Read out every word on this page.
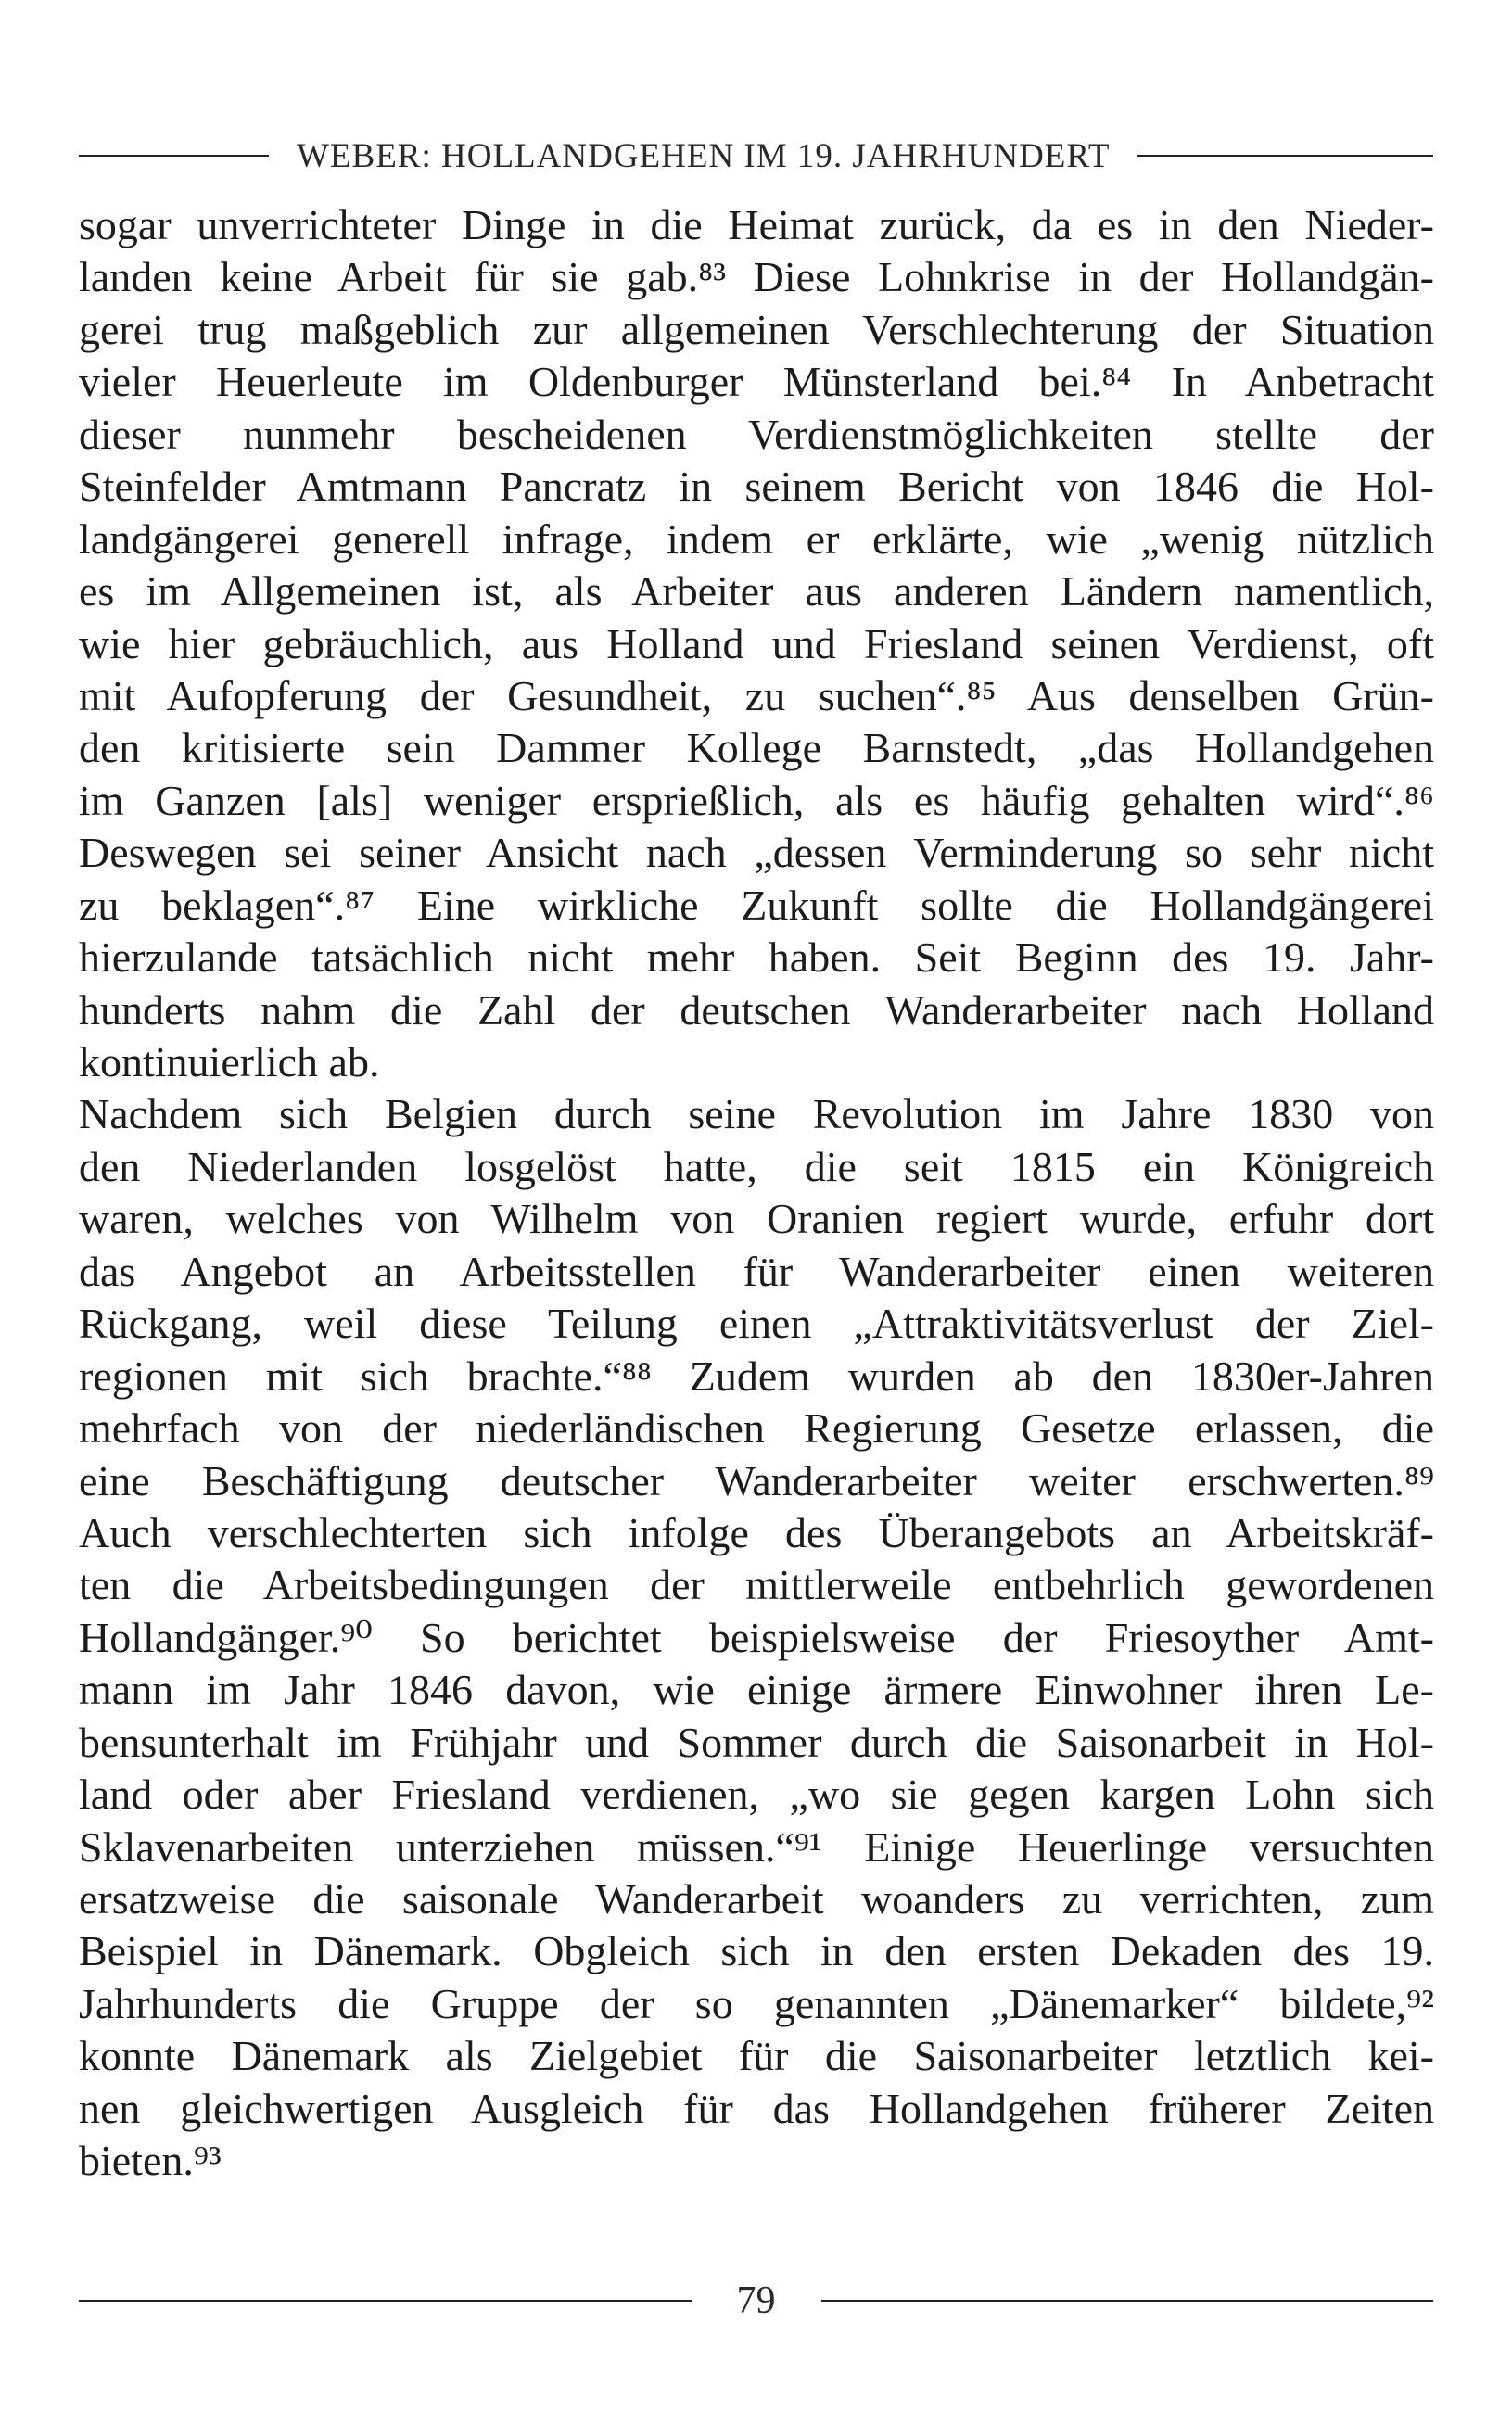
WEBER: HOLLANDGEHEN IM 19. JAHRHUNDERT
sogar unverrichteter Dinge in die Heimat zurück, da es in den Nieder-
landen keine Arbeit für sie gab.⁸³ Diese Lohnkrise in der Hollandgän-
gerei trug maßgeblich zur allgemeinen Verschlechterung der Situation
vieler Heuerleute im Oldenburger Münsterland bei.⁸⁴ In Anbetracht
dieser nunmehr bescheidenen Verdienstmöglichkeiten stellte der
Steinfelder Amtmann Pancratz in seinem Bericht von 1846 die Hol-
landgängerei generell infrage, indem er erklärte, wie „wenig nützlich
es im Allgemeinen ist, als Arbeiter aus anderen Ländern namentlich,
wie hier gebräuchlich, aus Holland und Friesland seinen Verdienst, oft
mit Aufopferung der Gesundheit, zu suchen“.⁸⁵ Aus denselben Grün-
den kritisierte sein Dammer Kollege Barnstedt, „das Hollandgehen
im Ganzen [als] weniger ersprießlich, als es häufig gehalten wird“.⁸⁶
Deswegen sei seiner Ansicht nach „dessen Verminderung so sehr nicht
zu beklagen“.⁸⁷ Eine wirkliche Zukunft sollte die Hollandgängerei
hierzulande tatsächlich nicht mehr haben. Seit Beginn des 19. Jahr-
hunderts nahm die Zahl der deutschen Wanderarbeiter nach Holland
kontinuierlich ab.
Nachdem sich Belgien durch seine Revolution im Jahre 1830 von
den Niederlanden losgelöst hatte, die seit 1815 ein Königreich
waren, welches von Wilhelm von Oranien regiert wurde, erfuhr dort
das Angebot an Arbeitsstellen für Wanderarbeiter einen weiteren
Rückgang, weil diese Teilung einen „Attraktivitätsverlust der Ziel-
regionen mit sich brachte.“⁸⁸ Zudem wurden ab den 1830er-Jahren
mehrfach von der niederländischen Regierung Gesetze erlassen, die
eine Beschäftigung deutscher Wanderarbeiter weiter erschwerten.⁸⁹
Auch verschlechterten sich infolge des Überangebots an Arbeitskräf-
ten die Arbeitsbedingungen der mittlerweile entbehrlich gewordenen
Hollandgänger.⁹⁰ So berichtet beispielsweise der Friesoyther Amt-
mann im Jahr 1846 davon, wie einige ärmere Einwohner ihren Le-
bensunterhalt im Frühjahr und Sommer durch die Saisonarbeit in Hol-
land oder aber Friesland verdienen, „wo sie gegen kargen Lohn sich
Sklavenarbeiten unterziehen müssen.“⁹¹ Einige Heuerlinge versuchten
ersatzweise die saisonale Wanderarbeit woanders zu verrichten, zum
Beispiel in Dänemark. Obgleich sich in den ersten Dekaden des 19.
Jahrhunderts die Gruppe der so genannten „Dänemarker“ bildete,⁹²
konnte Dänemark als Zielgebiet für die Saisonarbeiter letztlich kei-
nen gleichwertigen Ausgleich für das Hollandgehen früherer Zeiten
bieten.⁹³
79
